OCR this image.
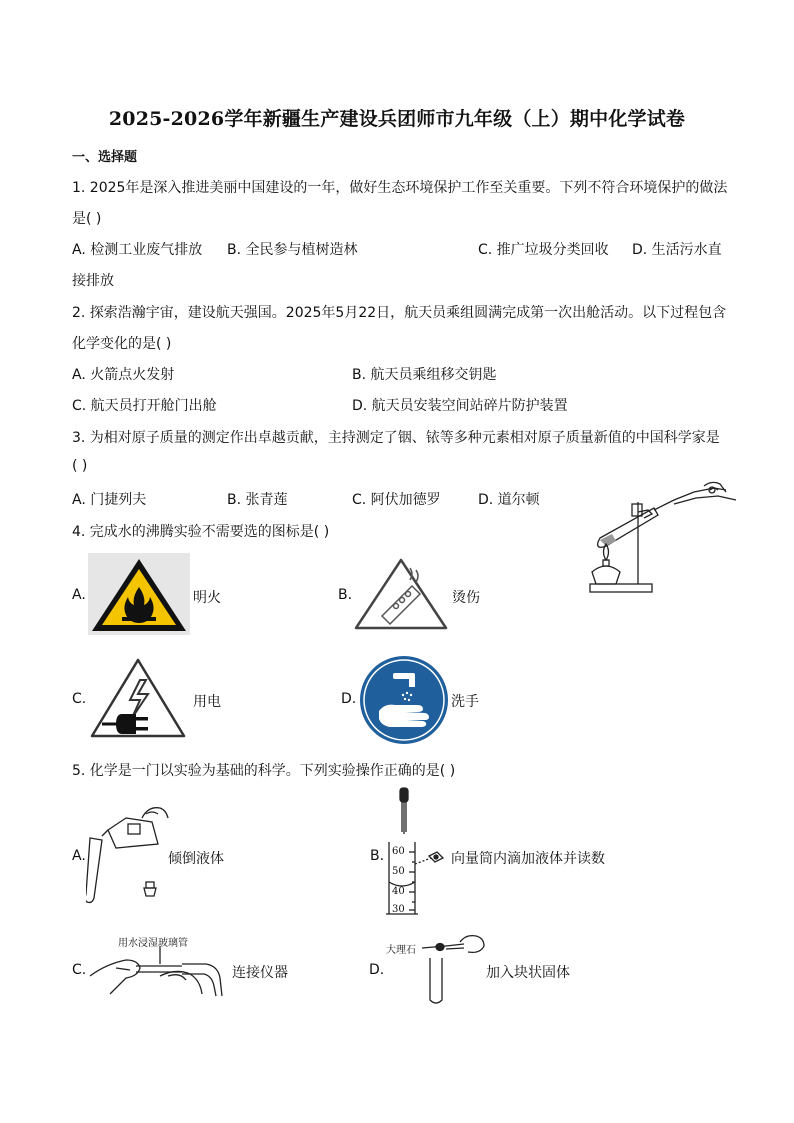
2025-2026学年新疆生产建设兵团师市九年级（上）期中化学试卷
一、选择题
1. 2025年是深入推进美丽中国建设的一年，做好生态环境保护工作至关重要。下列不符合环境保护的做法
是( )
A. 检测工业废气排放 B. 全民参与植树造林	C. 推广垃圾分类回收 D. 生活污水直
接排放
2. 探索浩瀚宇宙，建设航天强国。2025年5月22日，航天员乘组圆满完成第一次出舱活动。以下过程包含
化学变化的是( )
A. 火箭点火发射	B. 航天员乘组移交钥匙
C. 航天员打开舱门出舱	D. 航天员安装空间站碎片防护装置
3. 为相对原子质量的测定作出卓越贡献，主持测定了铟、铱等多种元素相对原子质量新值的中国科学家是
( )
A. 门捷列夫	B. 张青莲	C. 阿伏加德罗	D. 道尔顿
4. 完成水的沸腾实验不需要选的图标是( )
A.	明火	B.	烫伤
C.	用电	D.	洗手
5. 化学是一门以实验为基础的科学。下列实验操作正确的是( )
A.	倾倒液体	B. 60
50
40
30
向量筒内滴加液体并读数
C.
用水浸湿玻璃管
连接仪器	D.
大理石
加入块状固体
